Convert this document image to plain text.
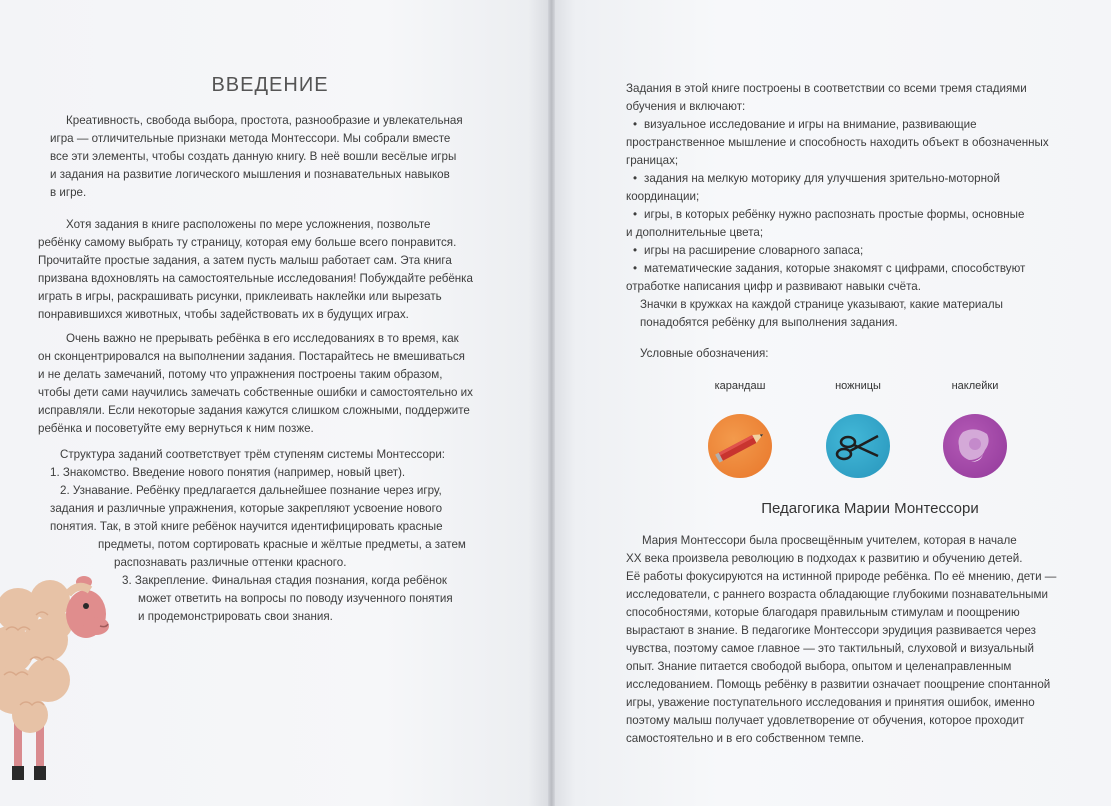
ВВЕДЕНИЕ

Креативность, свобода выбора, простота, разнообразие и увлекательная
игра — отличительные признаки метода Монтессори. Мы собрали вместе
все эти элементы, чтобы создать данную книгу. В неё вошли весёлые игры
и задания на развитие логического мышления и познавательных навыков
в игре.

Хотя задания в книге расположены по мере усложнения, позвольте
ребёнку самому выбрать ту страницу, которая ему больше всего понравится.
Прочитайте простые задания, а затем пусть малыш работает сам. Эта книга
призвана вдохновлять на самостоятельные исследования! Побуждайте ребёнка
играть в игры, раскрашивать рисунки, приклеивать наклейки или вырезать
понравившихся животных, чтобы задействовать их в будущих играх.

Очень важно не прерывать ребёнка в его исследованиях в то время, как
он сконцентрировался на выполнении задания. Постарайтесь не вмешиваться
и не делать замечаний, потому что упражнения построены таким образом,
чтобы дети сами научились замечать собственные ошибки и самостоятельно их
исправляли. Если некоторые задания кажутся слишком сложными, поддержите
ребёнка и посоветуйте ему вернуться к ним позже.

Структура заданий соответствует трём ступеням системы Монтессори:
1. Знакомство. Введение нового понятия (например, новый цвет).
2. Узнавание. Ребёнку предлагается дальнейшее познание через игру,
задания и различные упражнения, которые закрепляют усвоение нового
понятия. Так, в этой книге ребёнок научится идентифицировать красные
предметы, потом сортировать красные и жёлтые предметы, а затем
распознавать различные оттенки красного.
3. Закрепление. Финальная стадия познания, когда ребёнок
может ответить на вопросы по поводу изученного понятия
и продемонстрировать свои знания.
Задания в этой книге построены в соответствии со всеми тремя стадиями
обучения и включают:
• визуальное исследование и игры на внимание, развивающие
пространственное мышление и способность находить объект в обозначенных
границах;
• задания на мелкую моторику для улучшения зрительно-моторной
координации;
• игры, в которых ребёнку нужно распознать простые формы, основные
и дополнительные цвета;
• игры на расширение словарного запаса;
• математические задания, которые знакомят с цифрами, способствуют
отработке написания цифр и развивают навыки счёта.
Значки в кружках на каждой странице указывают, какие материалы
понадобятся ребёнку для выполнения задания.
Условные обозначения:
карандаш	ножницы	наклейки
Педагогика Марии Монтессори
Мария Монтессори была просвещённым учителем, которая в начале
XX века произвела революцию в подходах к развитию и обучению детей.
Её работы фокусируются на истинной природе ребёнка. По её мнению, дети —
исследователи, с раннего возраста обладающие глубокими познавательными
способностями, которые благодаря правильным стимулам и поощрению
вырастают в знание. В педагогике Монтессори эрудиция развивается через
чувства, поэтому самое главное — это тактильный, слуховой и визуальный
опыт. Знание питается свободой выбора, опытом и целенаправленным
исследованием. Помощь ребёнку в развитии означает поощрение спонтанной
игры, уважение поступательного исследования и принятия ошибок, именно
поэтому малыш получает удовлетворение от обучения, которое проходит
самостоятельно и в его собственном темпе.
